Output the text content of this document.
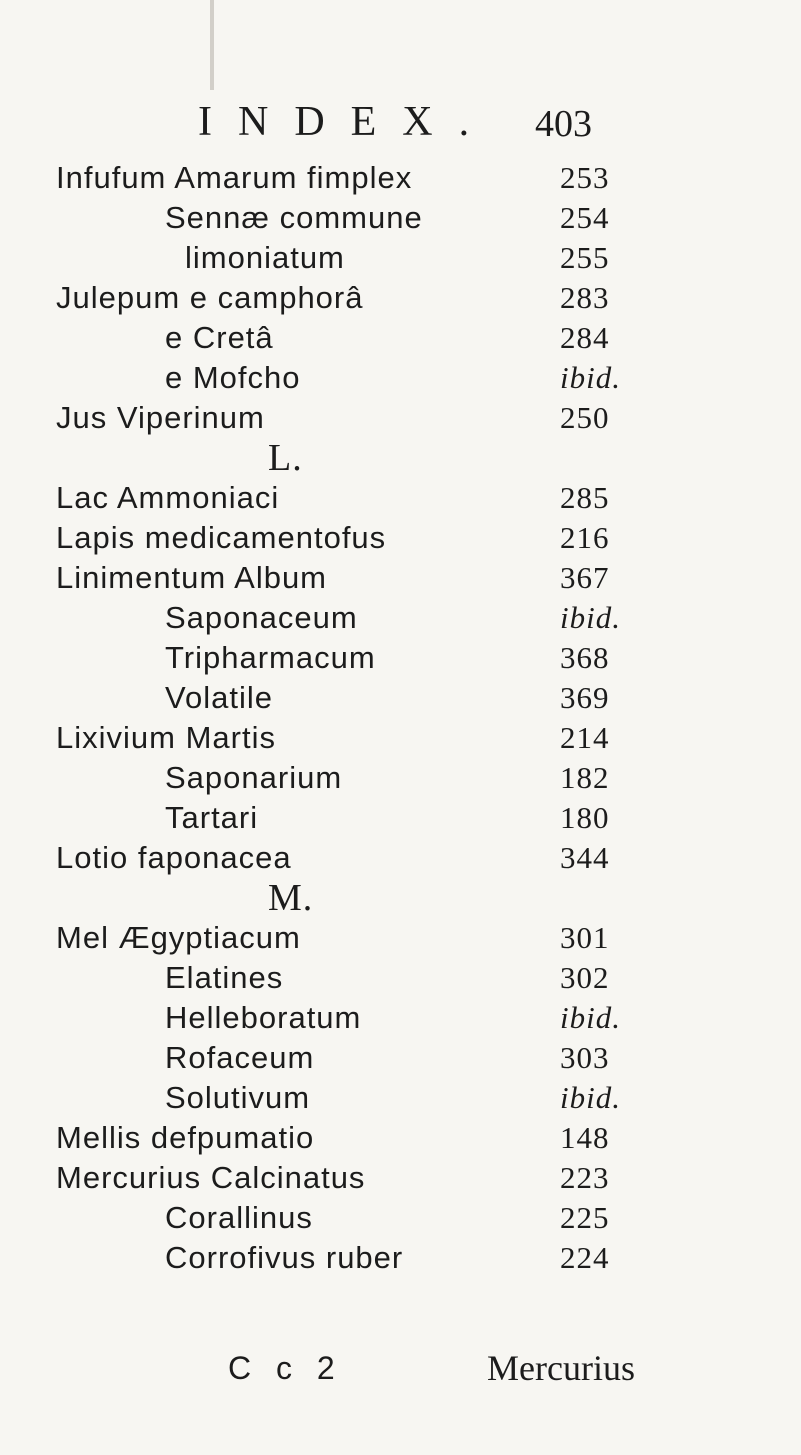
INDEX. 403
Infufum Amarum fimplex	253
Sennæ commune	254
limoniatum	255
Julepum e camphorâ	283
e Cretâ	284
e Mofcho	ibid.
Jus Viperinum	250
L.
Lac Ammoniaci	285
Lapis medicamentofus	216
Linimentum Album	367
Saponaceum	ibid.
Tripharmacum	368
Volatile	369
Lixivium Martis	214
Saponarium	182
Tartari	180
Lotio faponacea	344
M.
Mel Ægyptiacum	301
Elatines	302
Helleboratum	ibid.
Rofaceum	303
Solutivum	ibid.
Mellis defpumatio	148
Mercurius Calcinatus	223
Corallinus	225
Corrofivus ruber	224
C c 2	Mercurius
